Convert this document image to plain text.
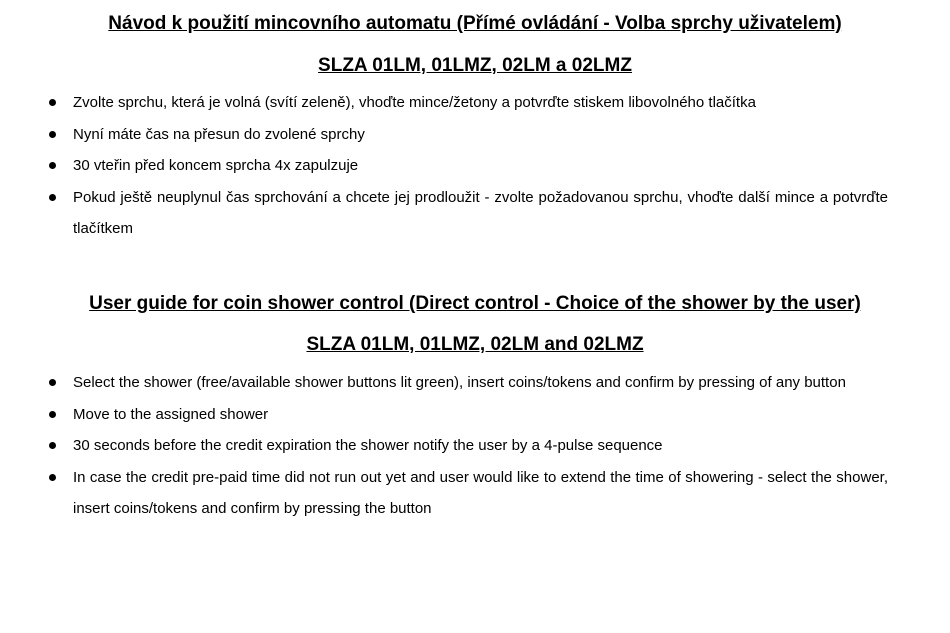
Návod k použití mincovního automatu (Přímé ovládání - Volba sprchy uživatelem)

SLZA 01LM, 01LMZ, 02LM a 02LMZ

Zvolte sprchu, která je volná (svítí zeleně), vhoďte mince/žetony a potvrďte stiskem libovolného tlačítka
Nyní máte čas na přesun do zvolené sprchy
30 vteřin před koncem sprcha 4x zapulzuje
Pokud ještě neuplynul čas sprchování a chcete jej prodloužit - zvolte požadovanou sprchu, vhoďte další mince a potvrďte tlačítkem

User guide for coin shower control (Direct control - Choice of the shower by the user)

SLZA 01LM, 01LMZ, 02LM and 02LMZ

Select the shower (free/available shower buttons lit green), insert coins/tokens and confirm by pressing of any button
Move to the assigned shower
30 seconds before the credit expiration the shower notify the user by a 4-pulse sequence
In case the credit pre-paid time did not run out yet and user would like to extend the time of showering - select the shower, insert coins/tokens and confirm by pressing the button
